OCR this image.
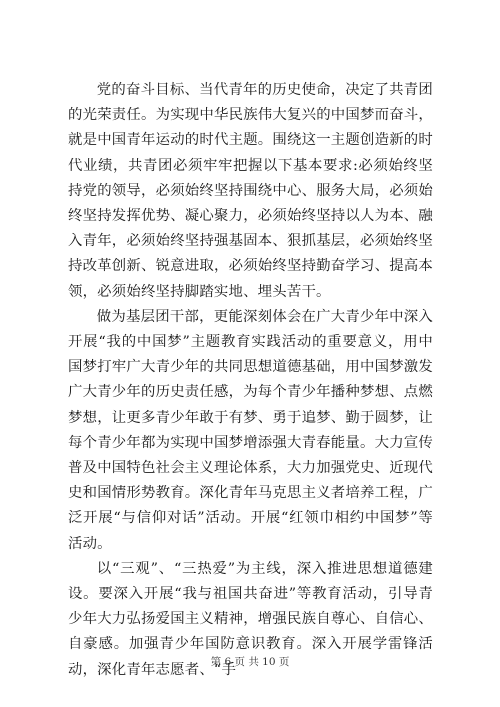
党的奋斗目标、当代青年的历史使命，决定了共青团的光荣责任。为实现中华民族伟大复兴的中国梦而奋斗，就是中国青年运动的时代主题。围绕这一主题创造新的时代业绩，共青团必须牢牢把握以下基本要求:必须始终坚持党的领导，必须始终坚持围绕中心、服务大局，必须始终坚持发挥优势、凝心聚力，必须始终坚持以人为本、融入青年，必须始终坚持强基固本、狠抓基层，必须始终坚持改革创新、锐意进取，必须始终坚持勤奋学习、提高本领，必须始终坚持脚踏实地、埋头苦干。

做为基层团干部，更能深刻体会在广大青少年中深入开展“我的中国梦”主题教育实践活动的重要意义，用中国梦打牢广大青少年的共同思想道德基础，用中国梦激发广大青少年的历史责任感，为每个青少年播种梦想、点燃梦想，让更多青少年敢于有梦、勇于追梦、勤于圆梦，让每个青少年都为实现中国梦增添强大青春能量。大力宣传普及中国特色社会主义理论体系，大力加强党史、近现代史和国情形势教育。深化青年马克思主义者培养工程，广泛开展“与信仰对话”活动。开展“红领巾相约中国梦”等活动。

以“三观”、“三热爱”为主线，深入推进思想道德建设。要深入开展“我与祖国共奋进”等教育活动，引导青少年大力弘扬爱国主义精神，增强民族自尊心、自信心、自豪感。加强青少年国防意识教育。深入开展学雷锋活动，深化青年志愿者、“手

第 6 页 共 10 页
